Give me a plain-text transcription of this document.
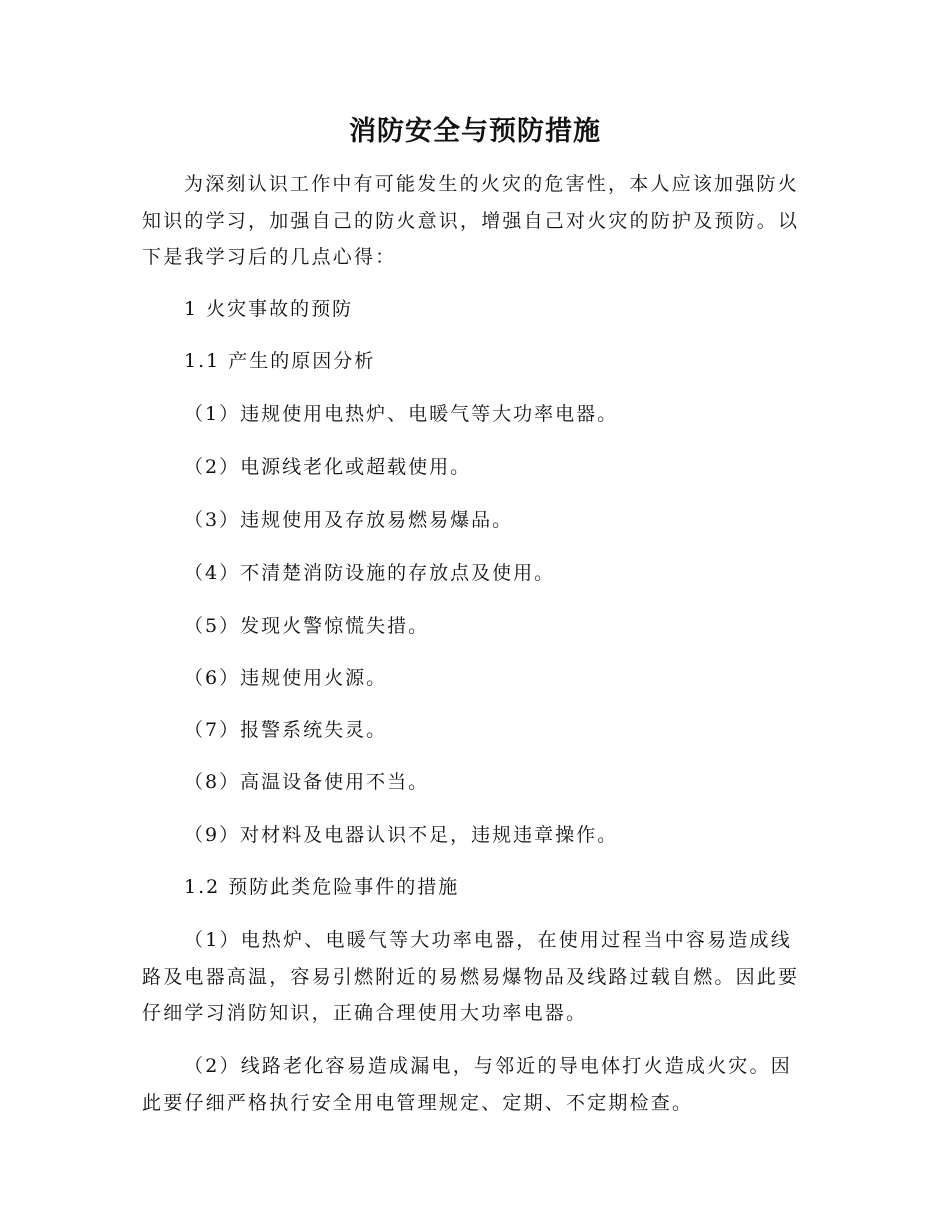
消防安全与预防措施

为深刻认识工作中有可能发生的火灾的危害性，本人应该加强防火知识的学习，加强自己的防火意识，增强自己对火灾的防护及预防。以下是我学习后的几点心得：

1 火灾事故的预防
1.1 产生的原因分析
（1）违规使用电热炉、电暖气等大功率电器。
（2）电源线老化或超载使用。
（3）违规使用及存放易燃易爆品。
（4）不清楚消防设施的存放点及使用。
（5）发现火警惊慌失措。
（6）违规使用火源。
（7）报警系统失灵。
（8）高温设备使用不当。
（9）对材料及电器认识不足，违规违章操作。
1.2 预防此类危险事件的措施

（1）电热炉、电暖气等大功率电器，在使用过程当中容易造成线路及电器高温，容易引燃附近的易燃易爆物品及线路过载自燃。因此要仔细学习消防知识，正确合理使用大功率电器。

（2）线路老化容易造成漏电，与邻近的导电体打火造成火灾。因此要仔细严格执行安全用电管理规定、定期、不定期检查。
